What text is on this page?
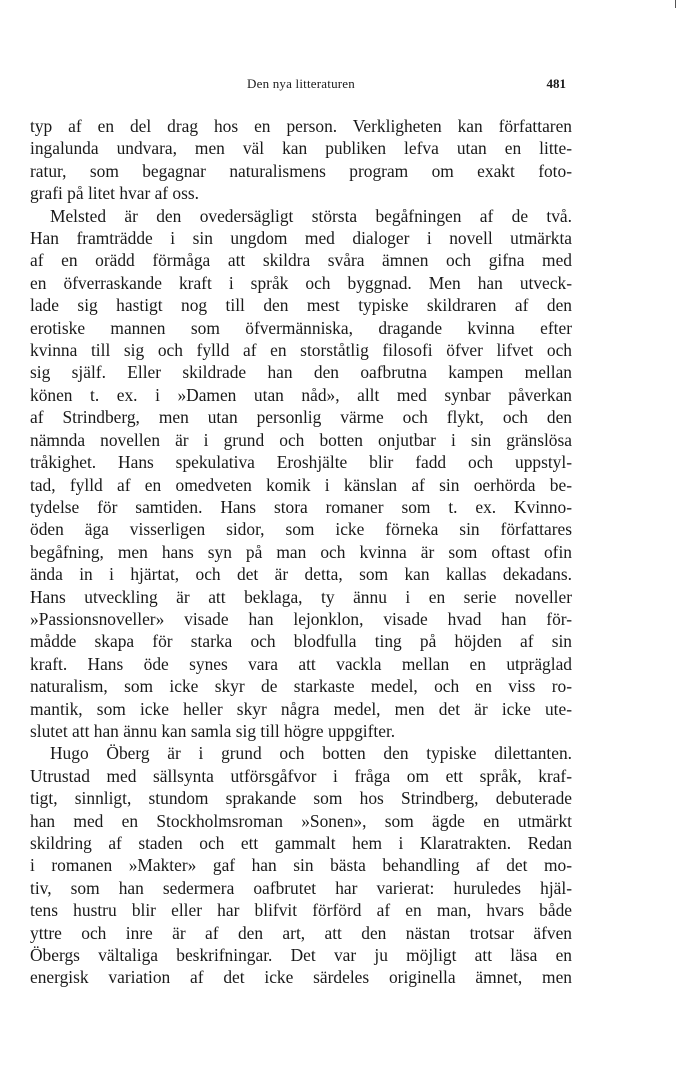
Den nya litteraturen	481
typ af en del drag hos en person. Verkligheten kan författaren
ingalunda undvara, men väl kan publiken lefva utan en litte-
ratur, som begagnar naturalismens program om exakt foto-
grafi på litet hvar af oss.
Melsted är den ovedersägligt största begåfningen af de två.
Han framträdde i sin ungdom med dialoger i novell utmärkta
af en orädd förmåga att skildra svåra ämnen och gifna med
en öfverraskande kraft i språk och byggnad. Men han utveck-
lade sig hastigt nog till den mest typiske skildraren af den
erotiske mannen som öfvermänniska, dragande kvinna efter
kvinna till sig och fylld af en storståtlig filosofi öfver lifvet och
sig själf. Eller skildrade han den oafbrutna kampen mellan
könen t. ex. i »Damen utan nåd», allt med synbar påverkan
af Strindberg, men utan personlig värme och flykt, och den
nämnda novellen är i grund och botten onjutbar i sin gränslösa
tråkighet. Hans spekulativa Eroshjälte blir fadd och uppstyl-
tad, fylld af en omedveten komik i känslan af sin oerhörda be-
tydelse för samtiden. Hans stora romaner som t. ex. Kvinno-
öden äga visserligen sidor, som icke förneka sin författares
begåfning, men hans syn på man och kvinna är som oftast ofin
ända in i hjärtat, och det är detta, som kan kallas dekadans.
Hans utveckling är att beklaga, ty ännu i en serie noveller
»Passionsnoveller» visade han lejonklon, visade hvad han för-
mådde skapa för starka och blodfulla ting på höjden af sin
kraft. Hans öde synes vara att vackla mellan en utpräglad
naturalism, som icke skyr de starkaste medel, och en viss ro-
mantik, som icke heller skyr några medel, men det är icke ute-
slutet att han ännu kan samla sig till högre uppgifter.
Hugo Öberg är i grund och botten den typiske dilettanten.
Utrustad med sällsynta utförsgåfvor i fråga om ett språk, kraf-
tigt, sinnligt, stundom sprakande som hos Strindberg, debuterade
han med en Stockholmsroman »Sonen», som ägde en utmärkt
skildring af staden och ett gammalt hem i Klaratrakten. Redan
i romanen »Makter» gaf han sin bästa behandling af det mo-
tiv, som han sedermera oafbrutet har varierat: huruledes hjäl-
tens hustru blir eller har blifvit förförd af en man, hvars både
yttre och inre är af den art, att den nästan trotsar äfven
Öbergs vältaliga beskrifningar. Det var ju möjligt att läsa en
energisk variation af det icke särdeles originella ämnet, men
